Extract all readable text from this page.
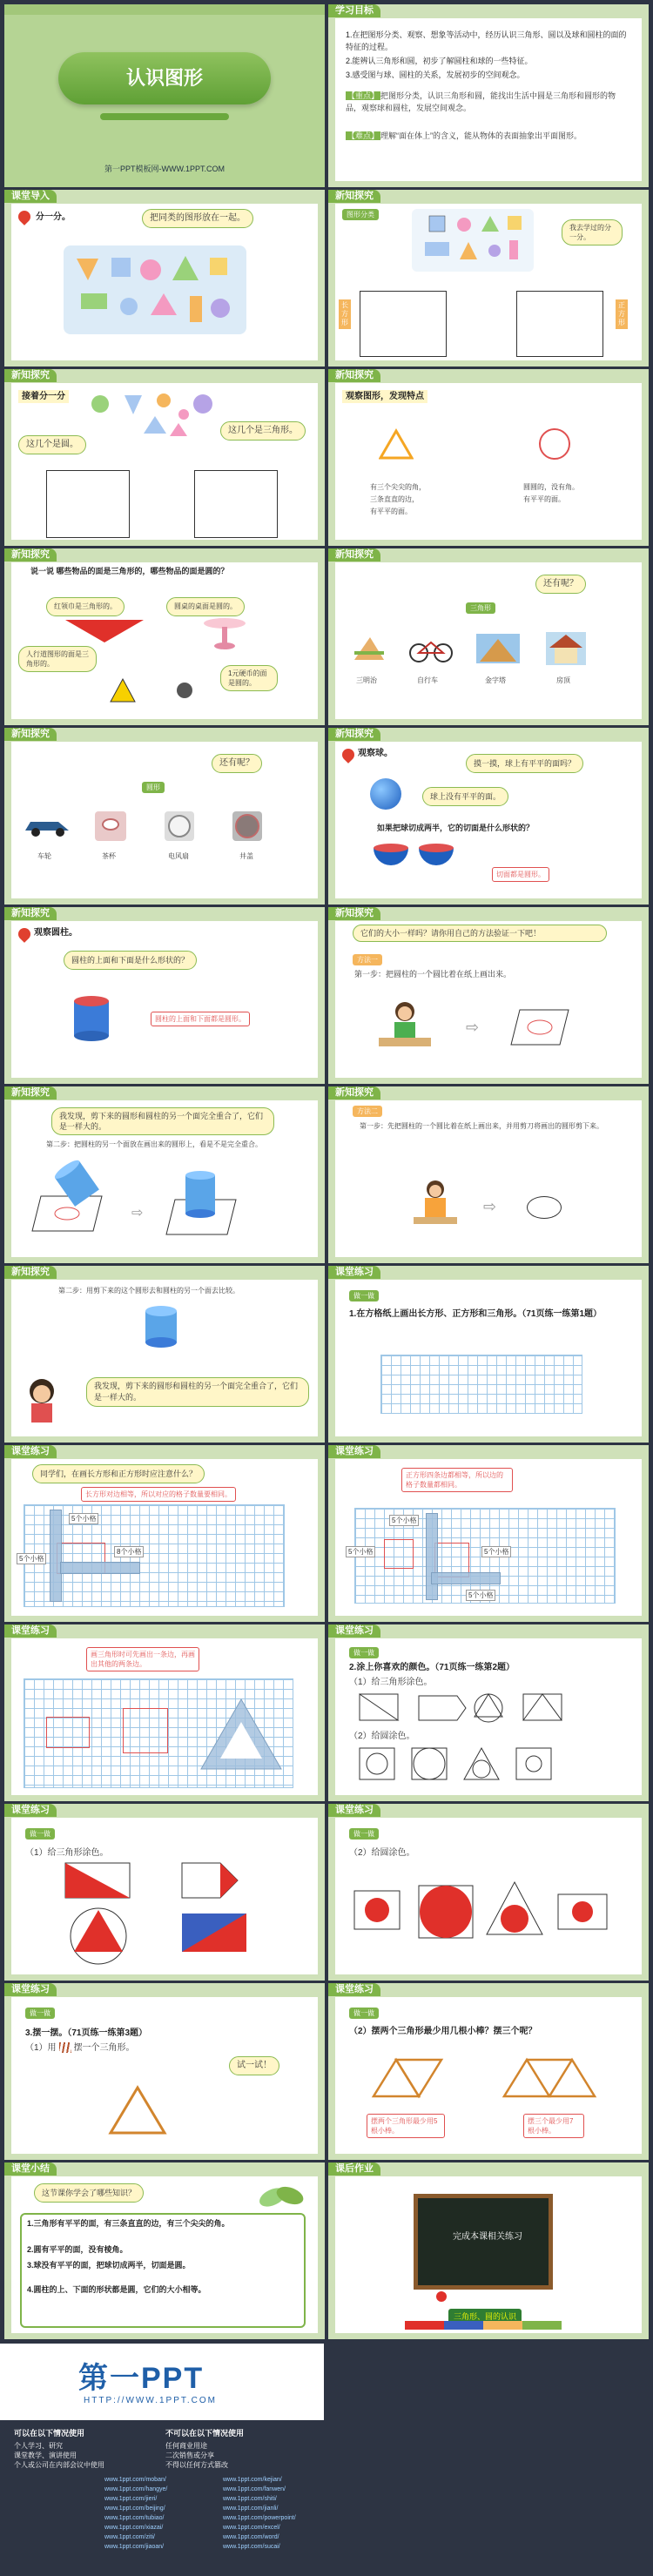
认识图形
第一PPT模板网-WWW.1PPT.COM
1.在把图形分类、观察、想象等活动中，经历认识三角形、圆以及球和圆柱的面的特征的过程。
2.能辨认三角形和圆，初步了解圆柱和球的一些特征。
3.感受图与球、圆柱的关系，发展初步的空间观念。
【重点】 把图形分类，认识三角形和圆，能找出生活中圆是三角形和圆形的物品，观察球和圆柱，发展空间观念。
【难点】 理解“面在体上”的含义，能从物体的表面抽象出平面图形。
学习目标
分一分。	把同类的图形放在一起。
课堂导入
图形分类
我去学过的分一分。
长方形
正方形
新知探究
接着分一分
这几个是圆。
这几个是三角形。
新知探究
观察图形，发现特点
有三个尖尖的角，
三条直直的边，
有平平的面。
圆圆的，没有角。
有平平的面。
新知探究
说一说 哪些物品的面是三角形的，哪些物品的面是圆的？
红领巾是三角形的。	圆桌的桌面是圆的。
人行道图形的面是三角形的。
1元硬币的面是圆的。
新知探究
还有呢？
三角形
三明治	自行车	金字塔	房顶
新知探究
还有呢？
圆形
车轮	茶杯	电风扇	井盖
新知探究
观察球。
摸一摸，球上有平平的面吗？
球上没有平平的面。
如果把球切成两半，它的切面是什么形状的？
切面都是圆形。
新知探究
观察圆柱。
圆柱的上面和下面是什么形状的？
圆柱的上面和下面都是圆形。
新知探究
它们的大小一样吗？请你用自己的方法验证一下吧！
方法一
第一步：把圆柱的一个圆比着在纸上画出来。
⇨
新知探究
我发现，剪下来的圆形和圆柱的另一个面完全重合了，它们是一样大的。
第二步：把圆柱的另一个面放在画出来的圆形上，看是不是完全重合。
⇨
新知探究
方法二
第一步：先把圆柱的一个圆比着在纸上画出来，并用剪刀将画出的圆形剪下来。
⇨
新知探究
第二步：用剪下来的这个圆形去和圆柱的另一个面去比较。
我发现，剪下来的圆形和圆柱的另一个面完全重合了，它们是一样大的。
新知探究
做一做
1.在方格纸上画出长方形、正方形和三角形。（71页练一练第1题）
课堂练习
同学们，在画长方形和正方形时应注意什么？
长方形对边相等，所以对应的格子数量要相同。
5个小格
5个小格
8个小格
课堂练习
正方形四条边都相等，所以边的格子数量都相同。
5个小格
5个小格	5个小格
5个小格
课堂练习
画三角形时可先画出一条边，再画出其他的两条边。
课堂练习
做一做
2.涂上你喜欢的颜色。（71页练一练第2题）
（1）给三角形涂色。
（2）给圆涂色。
课堂练习
做一做
（1）给三角形涂色。
课堂练习
做一做
（2）给圆涂色。
课堂练习
做一做
3.摆一摆。（71页练一练第3题）
（1）用 摆一个三角形。
试一试！
课堂练习
做一做
（2）摆两个三角形最少用几根小棒？摆三个呢？
摆两个三角形最少用5根小棒。
摆三个最少用7根小棒。
课堂练习
这节课你学会了哪些知识？
1.三角形有平平的面，有三条直直的边，有三个尖尖的角。
2.圆有平平的面，没有棱角。
3.球没有平平的面，把球切成两半，切面是圆。
4.圆柱的上、下面的形状都是圆，它们的大小相等。
课堂小结
完成本课相关练习
三角形、圆的认识
课后作业
第一PPT
HTTP://WWW.1PPT.COM
可以在以下情况使用	不可以在以下情况使用
个人学习、研究
课堂教学、演讲使用
个人或公司在内部会议中使用
任何商业用途
二次销售或分享
不得以任何方式篡改
www.1ppt.com/moban/
www.1ppt.com/hangye/
www.1ppt.com/jieri/
www.1ppt.com/beijing/
www.1ppt.com/tubiao/
www.1ppt.com/xiazai/
www.1ppt.com/ziti/
www.1ppt.com/jiaoan/
www.1ppt.com/kejian/
www.1ppt.com/fanwen/
www.1ppt.com/shiti/
www.1ppt.com/jianli/
www.1ppt.com/powerpoint/
www.1ppt.com/excel/
www.1ppt.com/word/
www.1ppt.com/sucai/
